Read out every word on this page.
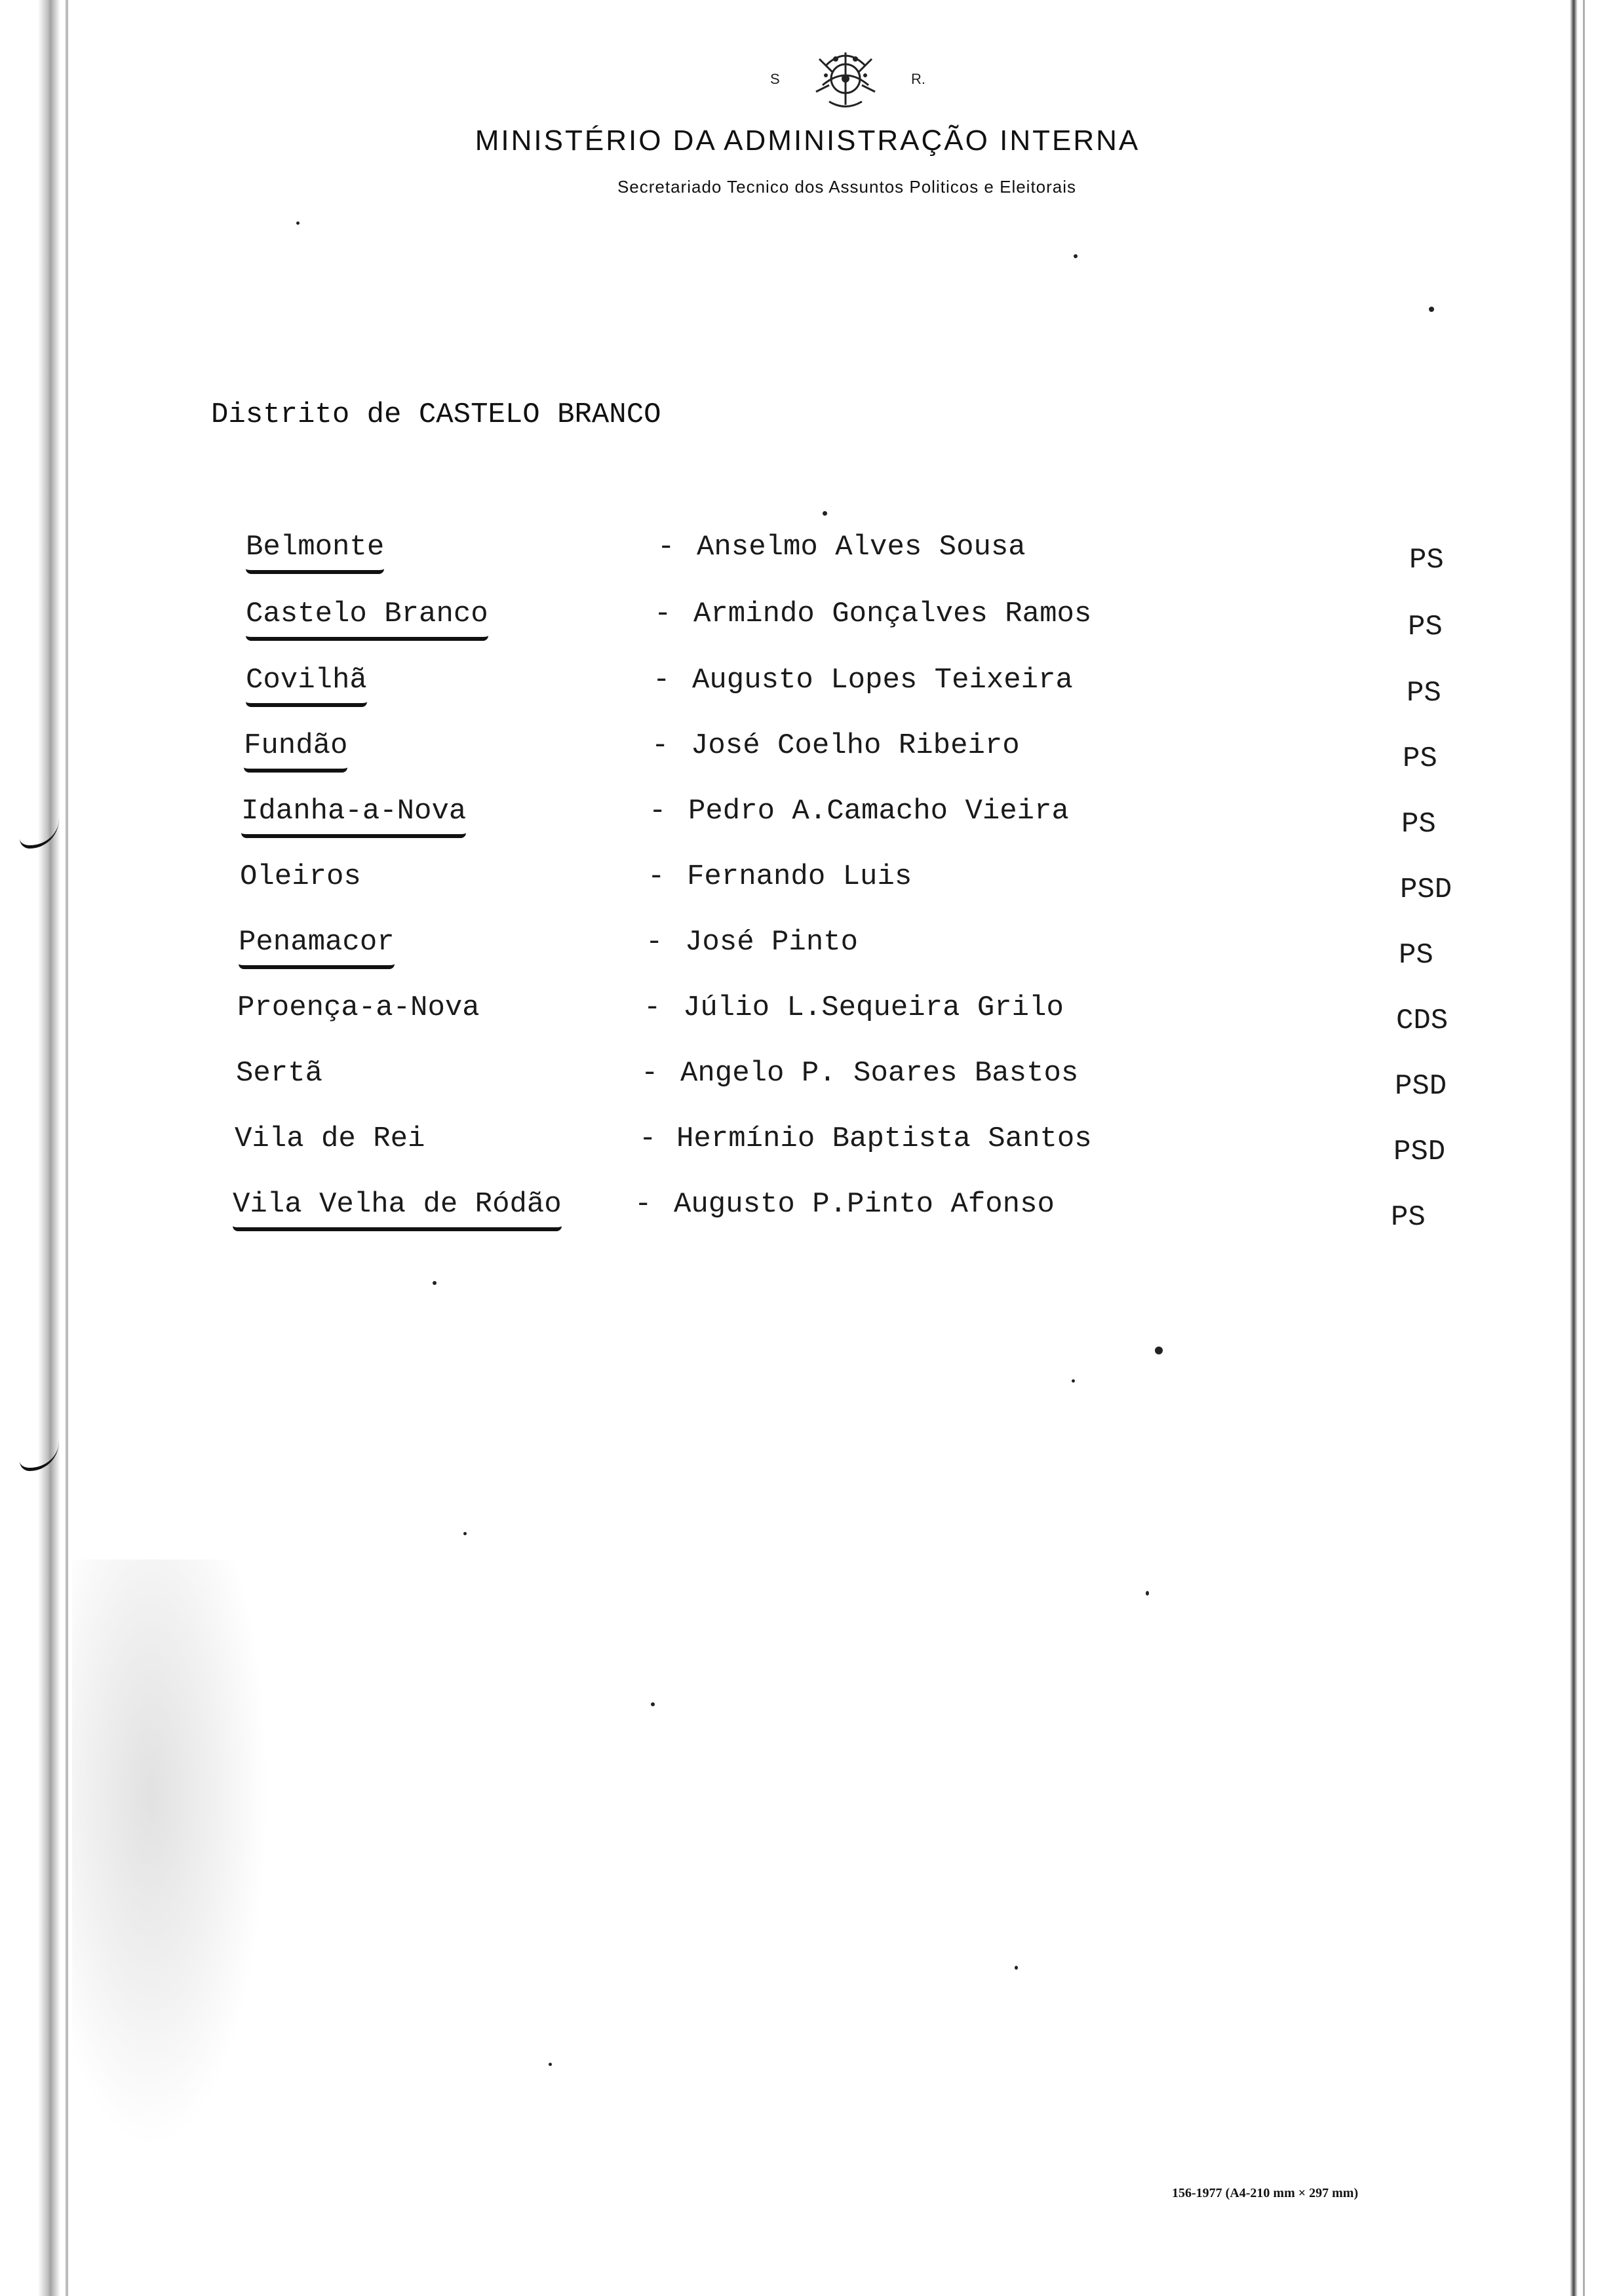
S	R.
MINISTÉRIO DA ADMINISTRAÇÃO INTERNA
Secretariado Tecnico dos Assuntos Politicos e Eleitorais
Distrito de CASTELO BRANCO
Belmonte	- Anselmo Alves Sousa	PS
Castelo Branco	- Armindo Gonçalves Ramos	PS
Covilhã	- Augusto Lopes Teixeira	PS
Fundão	- José Coelho Ribeiro	PS
Idanha-a-Nova	- Pedro A.Camacho Vieira	PS
Oleiros	- Fernando Luis	PSD
Penamacor	- José Pinto	PS
Proença-a-Nova	- Júlio L.Sequeira Grilo	CDS
Sertã	- Angelo P. Soares Bastos	PSD
Vila de Rei	- Hermínio Baptista Santos	PSD
Vila Velha de Ródão	- Augusto P.Pinto Afonso	PS
156-1977 (A4-210 mm × 297 mm)
